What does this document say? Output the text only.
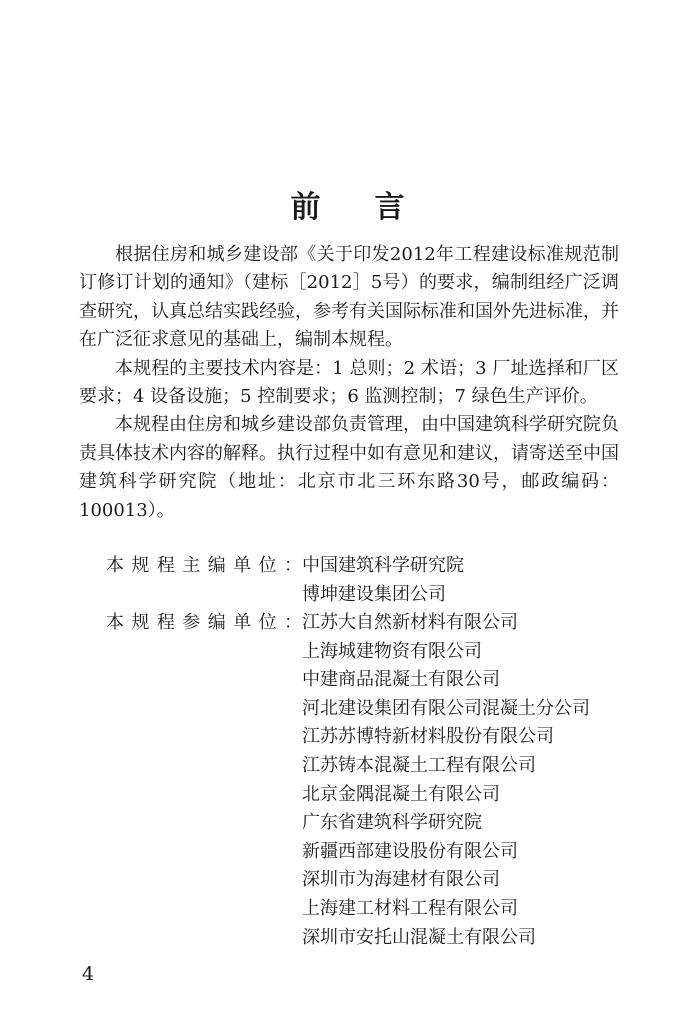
前言

根据住房和城乡建设部《关于印发2012年工程建设标准规范制订修订计划的通知》（建标［2012］5号）的要求，编制组经广泛调查研究，认真总结实践经验，参考有关国际标准和国外先进标准，并在广泛征求意见的基础上，编制本规程。

本规程的主要技术内容是：1 总则；2 术语；3 厂址选择和厂区要求；4 设备设施；5 控制要求；6 监测控制；7 绿色生产评价。

本规程由住房和城乡建设部负责管理，由中国建筑科学研究院负责具体技术内容的解释。执行过程中如有意见和建议，请寄送至中国建筑科学研究院（地址：北京市北三环东路30号，邮政编码：100013）。

本规程主编单位： 中国建筑科学研究院
博坤建设集团公司
本规程参编单位： 江苏大自然新材料有限公司
上海城建物资有限公司
中建商品混凝土有限公司
河北建设集团有限公司混凝土分公司
江苏苏博特新材料股份有限公司
江苏铸本混凝土工程有限公司
北京金隅混凝土有限公司
广东省建筑科学研究院
新疆西部建设股份有限公司
深圳市为海建材有限公司
上海建工材料工程有限公司
深圳市安托山混凝土有限公司
4
